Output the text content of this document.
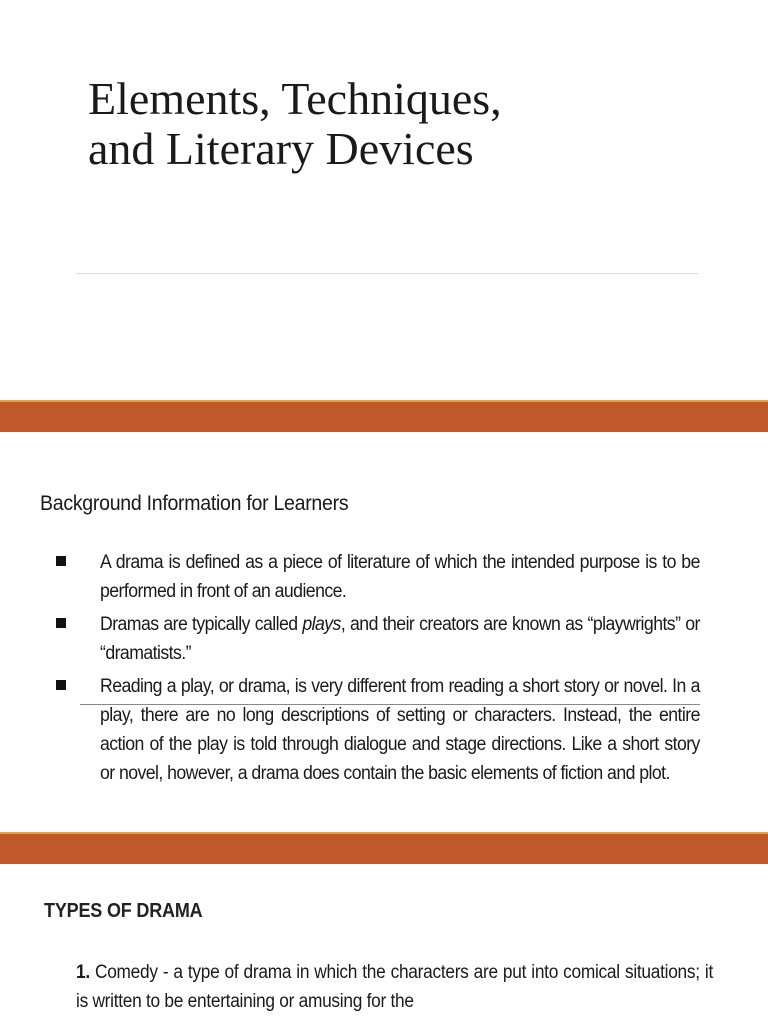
Elements, Techniques,
and Literary Devices
Background Information for Learners
A drama is defined as a piece of literature of which the intended purpose is to be performed in front of an audience.
Dramas are typically called plays, and their creators are known as “playwrights” or “dramatists.”
Reading a play, or drama, is very different from reading a short story or novel. In a play, there are no long descriptions of setting or characters. Instead, the entire action of the play is told through dialogue and stage directions. Like a short story or novel, however, a drama does contain the basic elements of fiction and plot.
TYPES OF DRAMA

1. Comedy - a type of drama in which the characters are put into comical situations; it is written to be entertaining or amusing for the
